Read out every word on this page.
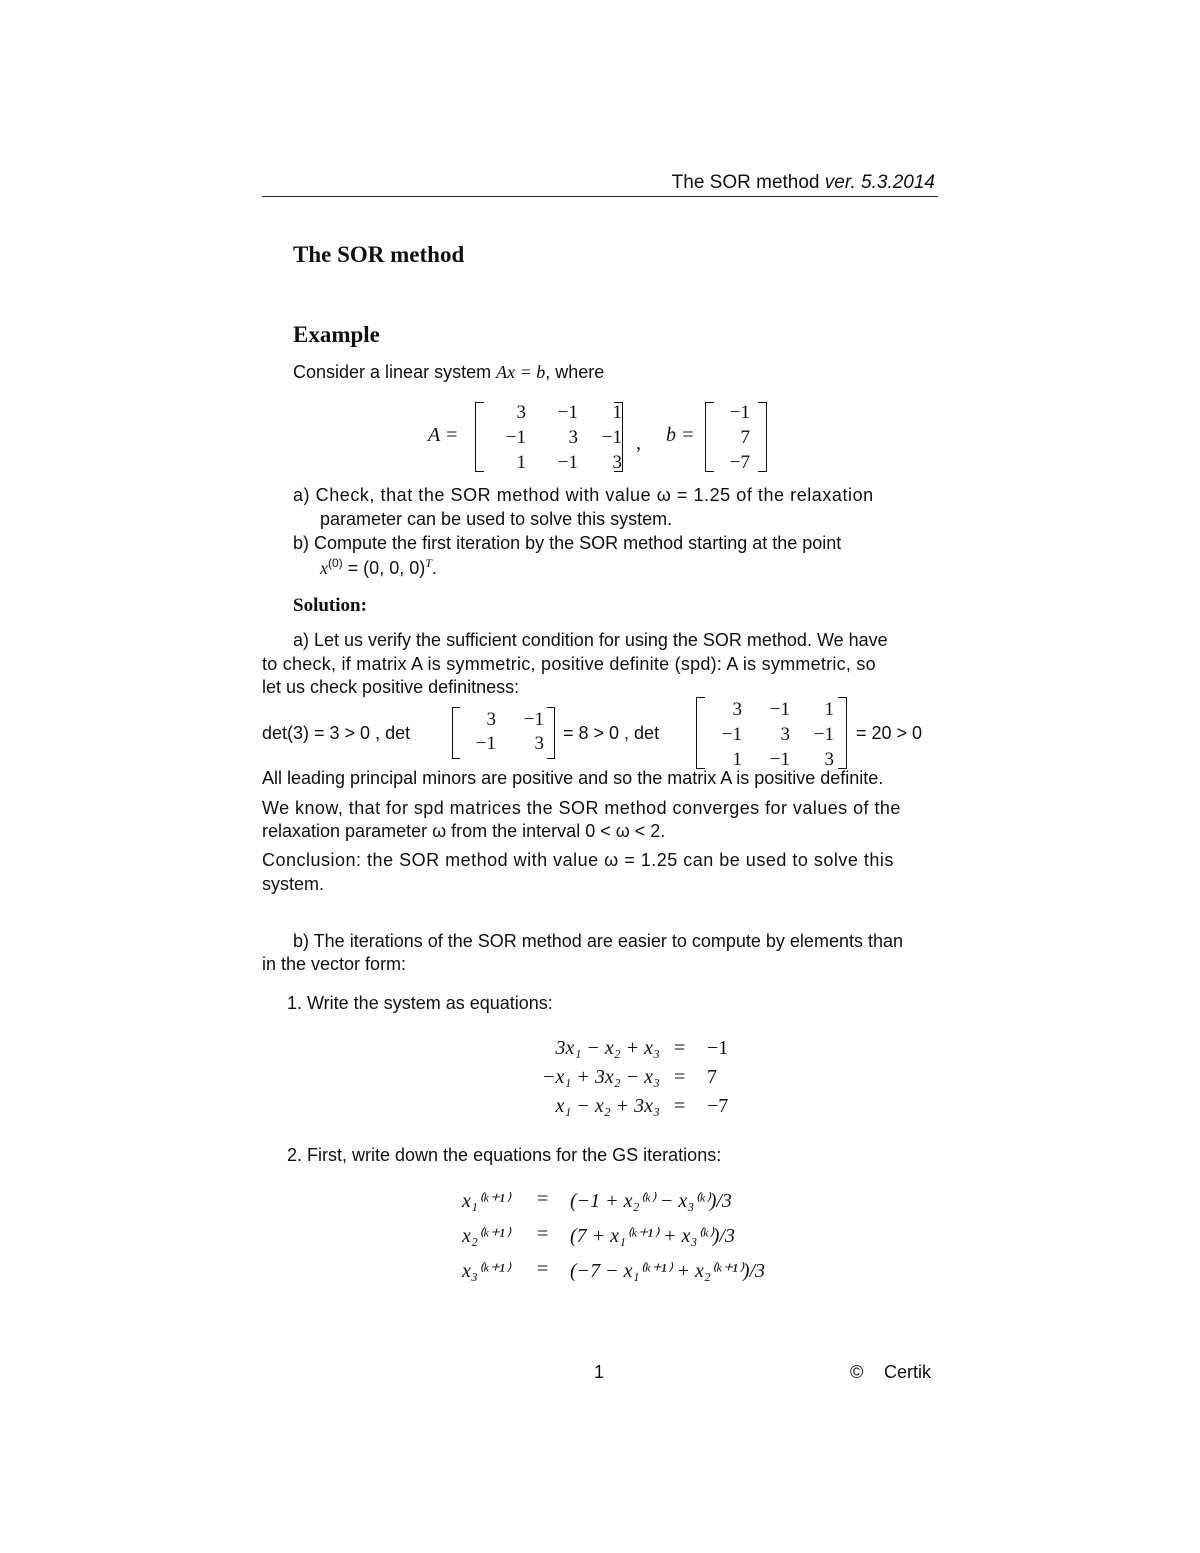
The SOR method ver. 5.3.2014
The SOR method
Example
Consider a linear system Ax = b, where
A =
3	−1	1
−1	3	−1
1	−1	3
, b =
−1
7
−7
a) Check, that the SOR method with value ω = 1.25 of the relaxation
parameter can be used to solve this system.
b) Compute the first iteration by the SOR method starting at the point
$x^{(0)} = (0$, 0, 0)$^T$.
Solution:
a) Let us verify the sufficient condition for using the SOR method. We have
to check, if matrix A is symmetric, positive definite (spd): A is symmetric, so
let us check positive definitness:
det(3) = 3 > 0 , det
3	−1
−1	3 = 8 > 0 , det
3	−1	1
−1	3	−1
1	−1	3
= 20 > 0
All leading principal minors are positive and so the matrix A is positive definite.
We know, that for spd matrices the SOR method converges for values of the
relaxation parameter ω from the interval 0 < ω < 2.
Conclusion: the SOR method with value ω = 1.25 can be used to solve this
system.
b) The iterations of the SOR method are easier to compute by elements than
in the vector form:
1. Write the system as equations:
3x₁ − x₂ + x₃ = −1
−x₁ + 3x₂ − x₃ = 7
x₁ − x₂ + 3x₃ = −7
2. First, write down the equations for the GS iterations:
x₁⁽ᵏ⁺¹⁾ = (−1 + x₂⁽ᵏ⁾ − x₃⁽ᵏ⁾)/3
x₂⁽ᵏ⁺¹⁾ = (7 + x₁⁽ᵏ⁺¹⁾ + x₃⁽ᵏ⁾)/3
x₃⁽ᵏ⁺¹⁾ = (−7 − x₁⁽ᵏ⁺¹⁾ + x₂⁽ᵏ⁺¹⁾)/3
1	© Certik
